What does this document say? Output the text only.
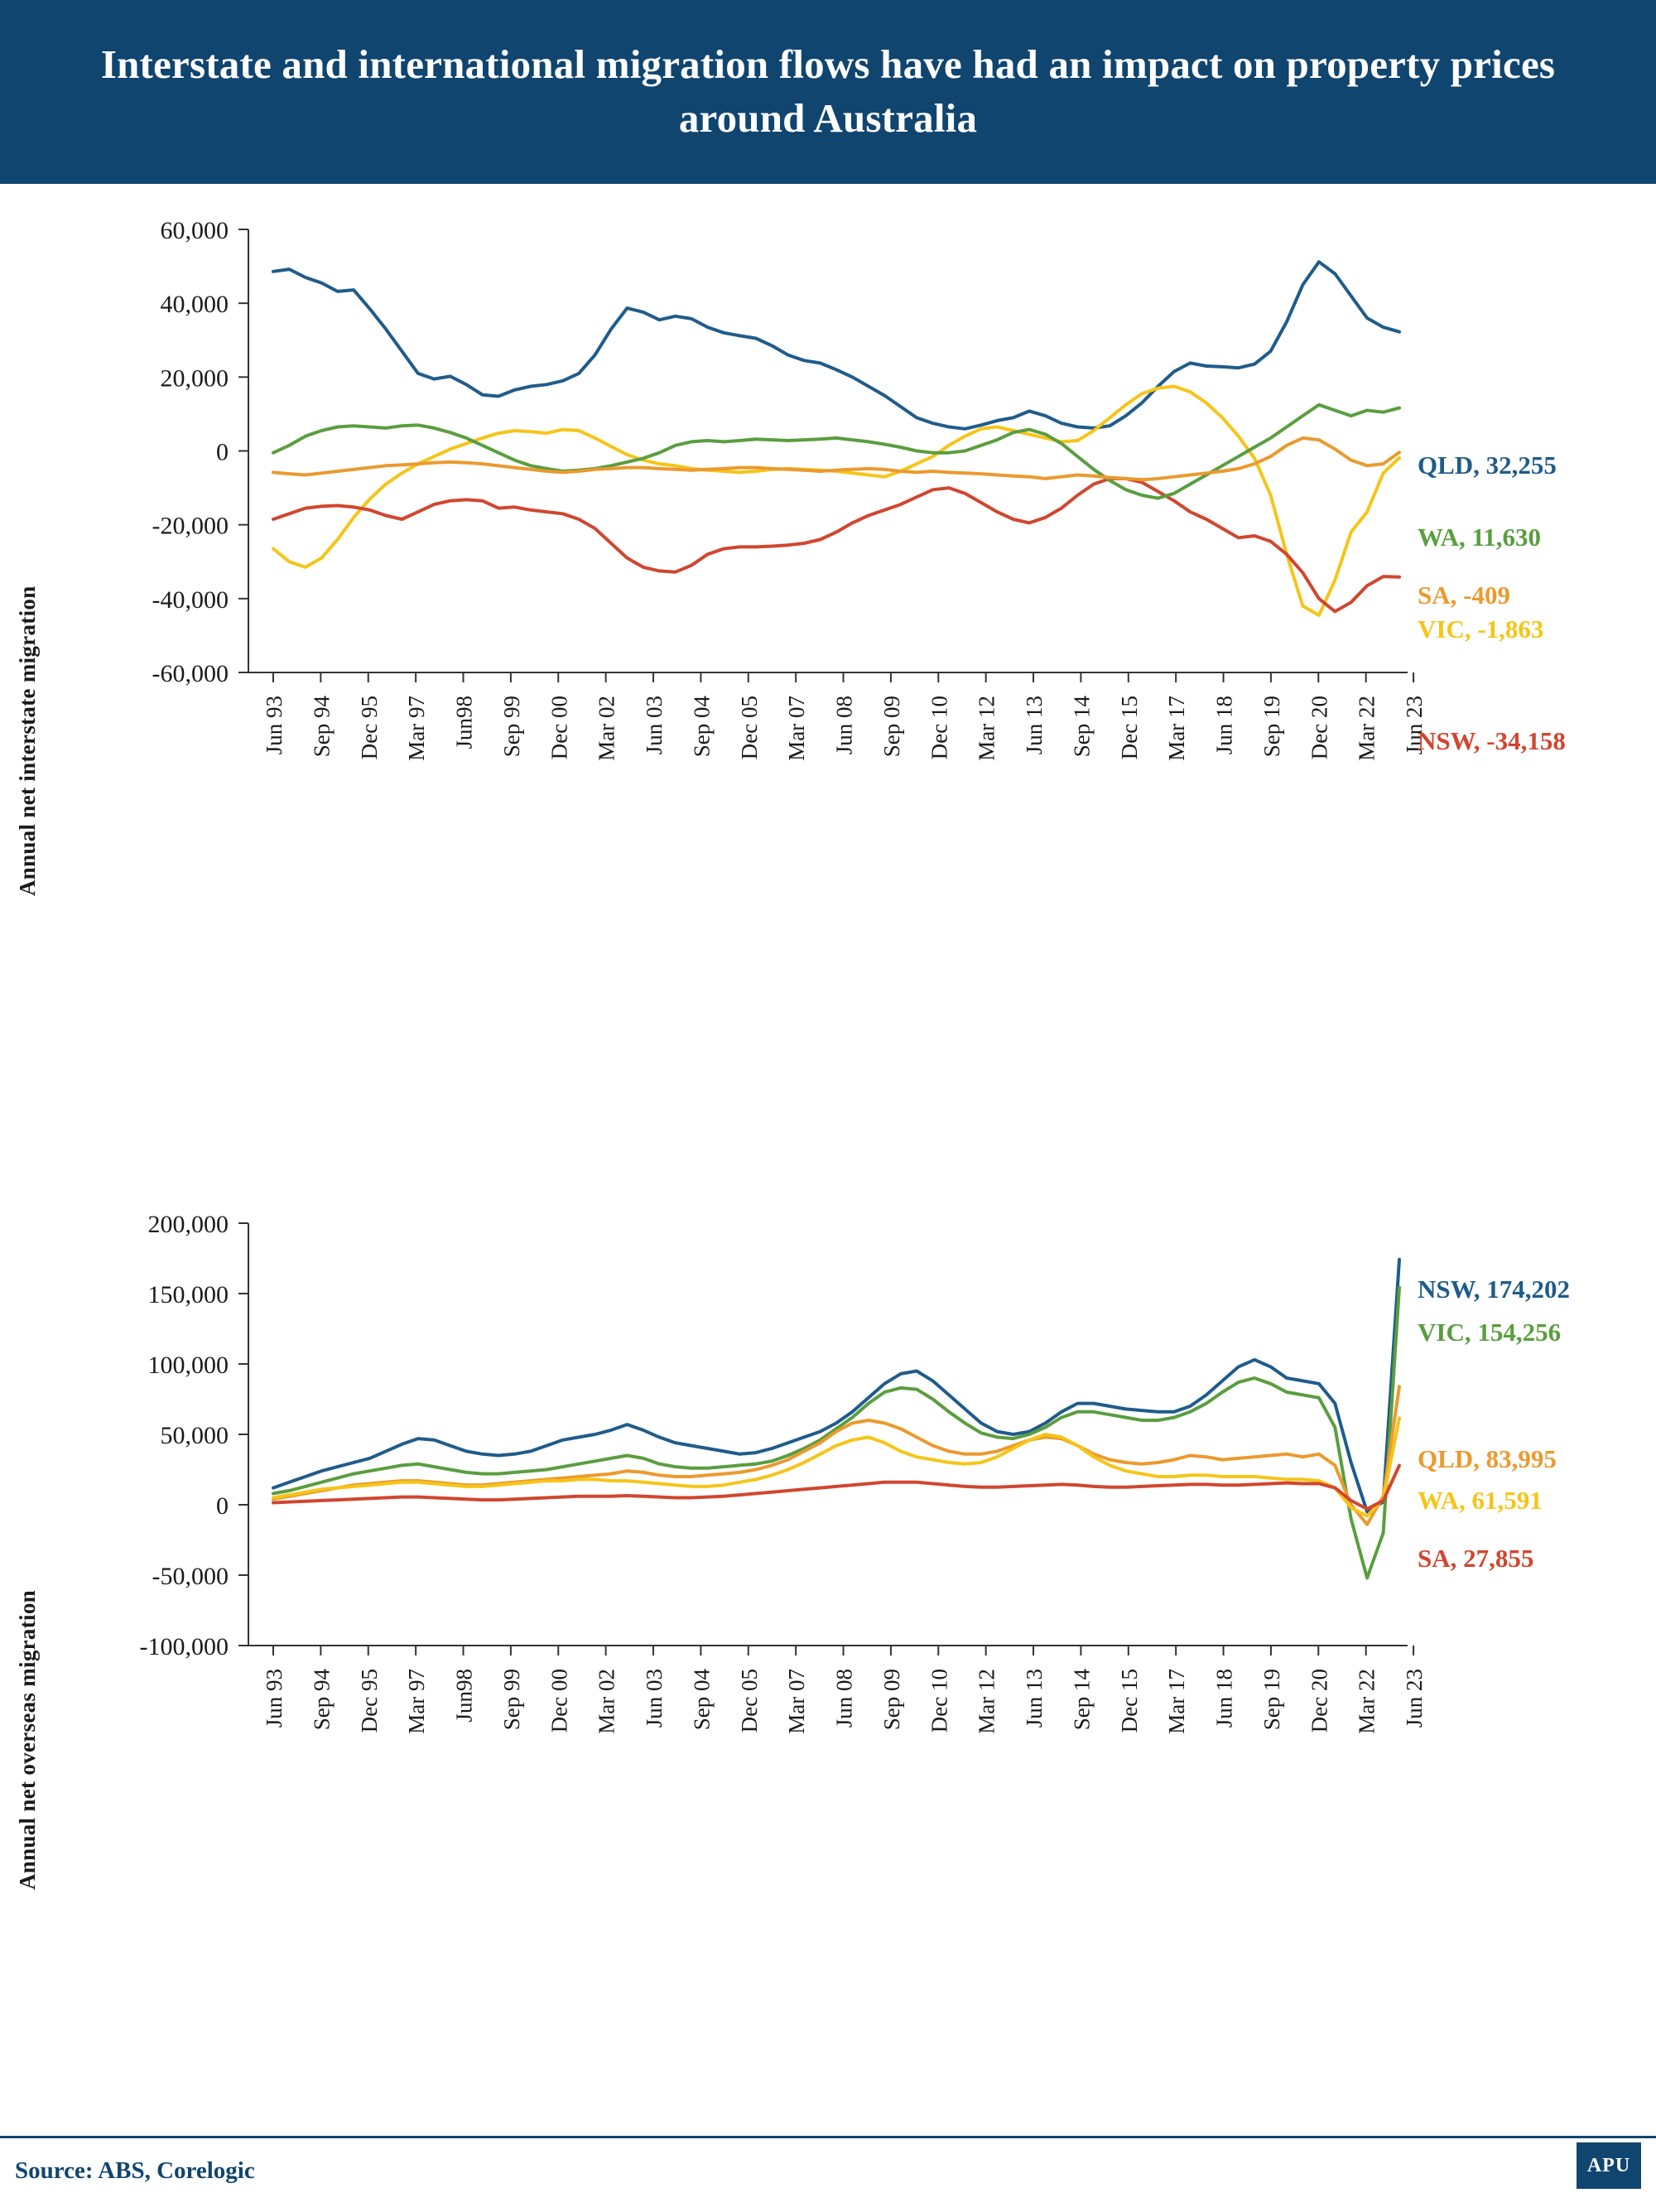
Interstate and international migration flows have had an impact on property prices around Australia
Annual net interstate migration
60,000
40,000
20,000
0
-20,000
-40,000
-60,000
Jun 93 Sep 94 Dec 95 Mar 97 Jun98 Sep 99 Dec 00 Mar 02 Jun 03 Sep 04 Dec 05 Mar 07 Jun 08 Sep 09 Dec 10 Mar 12 Jun 13 Sep 14 Dec 15 Mar 17 Jun 18 Sep 19 Dec 20 Mar 22 Jun 23
QLD, 32,255
WA, 11,630
SA, -409
VIC, -1,863
NSW, -34,158
Annual net overseas migration
200,000
150,000
100,000
50,000
0
-50,000
-100,000
Jun 93 Sep 94 Dec 95 Mar 97 Jun98 Sep 99 Dec 00 Mar 02 Jun 03 Sep 04 Dec 05 Mar 07 Jun 08 Sep 09 Dec 10 Mar 12 Jun 13 Sep 14 Dec 15 Mar 17 Jun 18 Sep 19 Dec 20 Mar 22 Jun 23
NSW, 174,202
VIC, 154,256
QLD, 83,995
WA, 61,591
SA, 27,855
Source: ABS, Corelogic	APU
